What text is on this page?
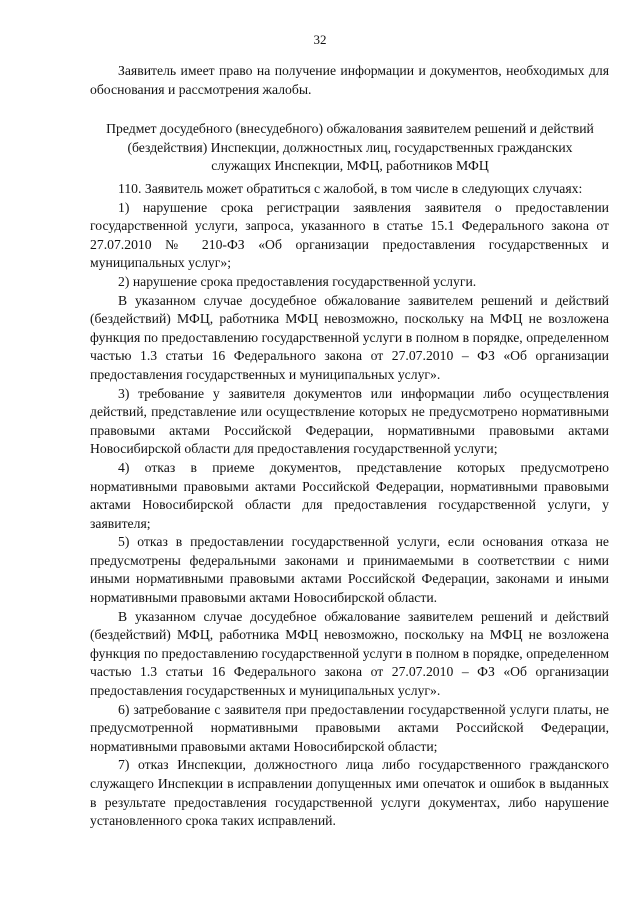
32

Заявитель имеет право на получение информации и документов, необходимых для обоснования и рассмотрения жалобы.

Предмет досудебного (внесудебного) обжалования заявителем решений и действий (бездействия) Инспекции, должностных лиц, государственных гражданских служащих Инспекции, МФЦ, работников МФЦ

110. Заявитель может обратиться с жалобой, в том числе в следующих случаях:

1) нарушение срока регистрации заявления заявителя о предоставлении государственной услуги, запроса, указанного в статье 15.1 Федерального закона от 27.07.2010 № 210-ФЗ «Об организации предоставления государственных и муниципальных услуг»;

2) нарушение срока предоставления государственной услуги.

В указанном случае досудебное обжалование заявителем решений и действий (бездействий) МФЦ, работника МФЦ невозможно, поскольку на МФЦ не возложена функция по предоставлению государственной услуги в полном в порядке, определенном частью 1.3 статьи 16 Федерального закона от 27.07.2010 – ФЗ «Об организации предоставления государственных и муниципальных услуг».

3) требование у заявителя документов или информации либо осуществления действий, представление или осуществление которых не предусмотрено нормативными правовыми актами Российской Федерации, нормативными правовыми актами Новосибирской области для предоставления государственной услуги;

4) отказ в приеме документов, представление которых предусмотрено нормативными правовыми актами Российской Федерации, нормативными правовыми актами Новосибирской области для предоставления государственной услуги, у заявителя;

5) отказ в предоставлении государственной услуги, если основания отказа не предусмотрены федеральными законами и принимаемыми в соответствии с ними иными нормативными правовыми актами Российской Федерации, законами и иными нормативными правовыми актами Новосибирской области.

В указанном случае досудебное обжалование заявителем решений и действий (бездействий) МФЦ, работника МФЦ невозможно, поскольку на МФЦ не возложена функция по предоставлению государственной услуги в полном в порядке, определенном частью 1.3 статьи 16 Федерального закона от 27.07.2010 – ФЗ «Об организации предоставления государственных и муниципальных услуг».

6) затребование с заявителя при предоставлении государственной услуги платы, не предусмотренной нормативными правовыми актами Российской Федерации, нормативными правовыми актами Новосибирской области;

7) отказ Инспекции, должностного лица либо государственного гражданского служащего Инспекции в исправлении допущенных ими опечаток и ошибок в выданных в результате предоставления государственной услуги документах, либо нарушение установленного срока таких исправлений.
